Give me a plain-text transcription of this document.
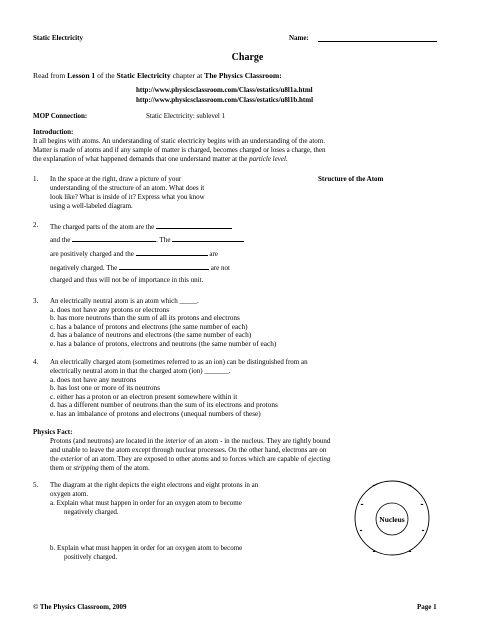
Static Electricity	Name:
Charge
Read from Lesson 1 of the Static Electricity chapter at The Physics Classroom:
http://www.physicsclassroom.com/Class/estatics/u8l1a.html
http://www.physicsclassroom.com/Class/estatics/u8l1b.html
MOP Connection:	Static Electricity: sublevel 1
Introduction:
It all begins with atoms. An understanding of static electricity begins with an understanding of the atom.
Matter is made of atoms and if any sample of matter is charged, becomes charged or loses a charge, then
the explanation of what happened demands that one understand matter at the particle level.
1. In the space at the right, draw a picture of your
understanding of the structure of an atom. What does it
look like? What is inside of it? Express what you know
using a well-labeled diagram.
Structure of the Atom
2. The charged parts of the atom are the
and the	. The
are positively charged and the	are
negatively charged. The	are not
charged and thus will not be of importance in this unit.
3. An electrically neutral atom is an atom which _____.
a. does not have any protons or electrons
b. has more neutrons than the sum of all its protons and electrons
c. has a balance of protons and electrons (the same number of each)
d. has a balance of neutrons and electrons (the same number of each)
e. has a balance of protons, electrons and neutrons (the same number of each)
4. An electrically charged atom (sometimes referred to as an ion) can be distinguished from an
electrically neutral atom in that the charged atom (ion) _______.
a. does not have any neutrons
b. has lost one or more of its neutrons
c. either has a proton or an electron present somewhere within it
d. has a different number of neutrons than the sum of its electrons and protons
e. has an imbalance of protons and electrons (unequal numbers of these)
Physics Fact:
Protons (and neutrons) are located in the interior of an atom - in the nucleus. They are tightly bound
and unable to leave the atom except through nuclear processes. On the other hand, electrons are on
the exterior of an atom. They are exposed to other atoms and to forces which are capable of ejecting
them or stripping them of the atom.
5. The diagram at the right depicts the eight electrons and eight protons in an
oxygen atom.
a. Explain what must happen in order for an oxygen atom to become
negatively charged.
b. Explain what must happen in order for an oxygen atom to become
positively charged.
-	-
-	-
-	-
-	-
Nucleus
© The Physics Classroom, 2009	Page 1
